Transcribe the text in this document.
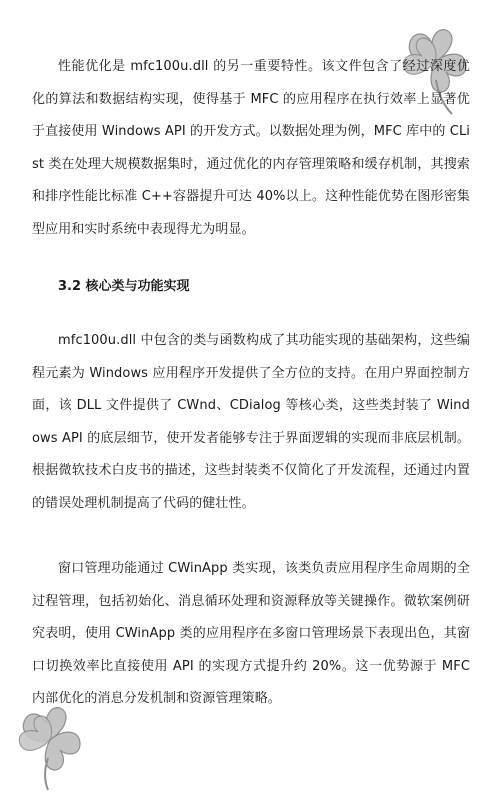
性能优化是 mfc100u.dll 的另一重要特性。该文件包含了经过深度优化的算法和数据结构实现，使得基于 MFC 的应用程序在执行效率上显著优于直接使用 Windows API 的开发方式。以数据处理为例，MFC 库中的 CList 类在处理大规模数据集时，通过优化的内存管理策略和缓存机制，其搜索和排序性能比标准 C++容器提升可达 40%以上。这种性能优势在图形密集型应用和实时系统中表现得尤为明显。

3.2 核心类与功能实现

mfc100u.dll 中包含的类与函数构成了其功能实现的基础架构，这些编程元素为 Windows 应用程序开发提供了全方位的支持。在用户界面控制方面，该 DLL 文件提供了 CWnd、CDialog 等核心类，这些类封装了 Windows API 的底层细节，使开发者能够专注于界面逻辑的实现而非底层机制。根据微软技术白皮书的描述，这些封装类不仅简化了开发流程，还通过内置的错误处理机制提高了代码的健壮性。

窗口管理功能通过 CWinApp 类实现，该类负责应用程序生命周期的全过程管理，包括初始化、消息循环处理和资源释放等关键操作。微软案例研究表明，使用 CWinApp 类的应用程序在多窗口管理场景下表现出色，其窗口切换效率比直接使用 API 的实现方式提升约 20%。这一优势源于 MFC 内部优化的消息分发机制和资源管理策略。
